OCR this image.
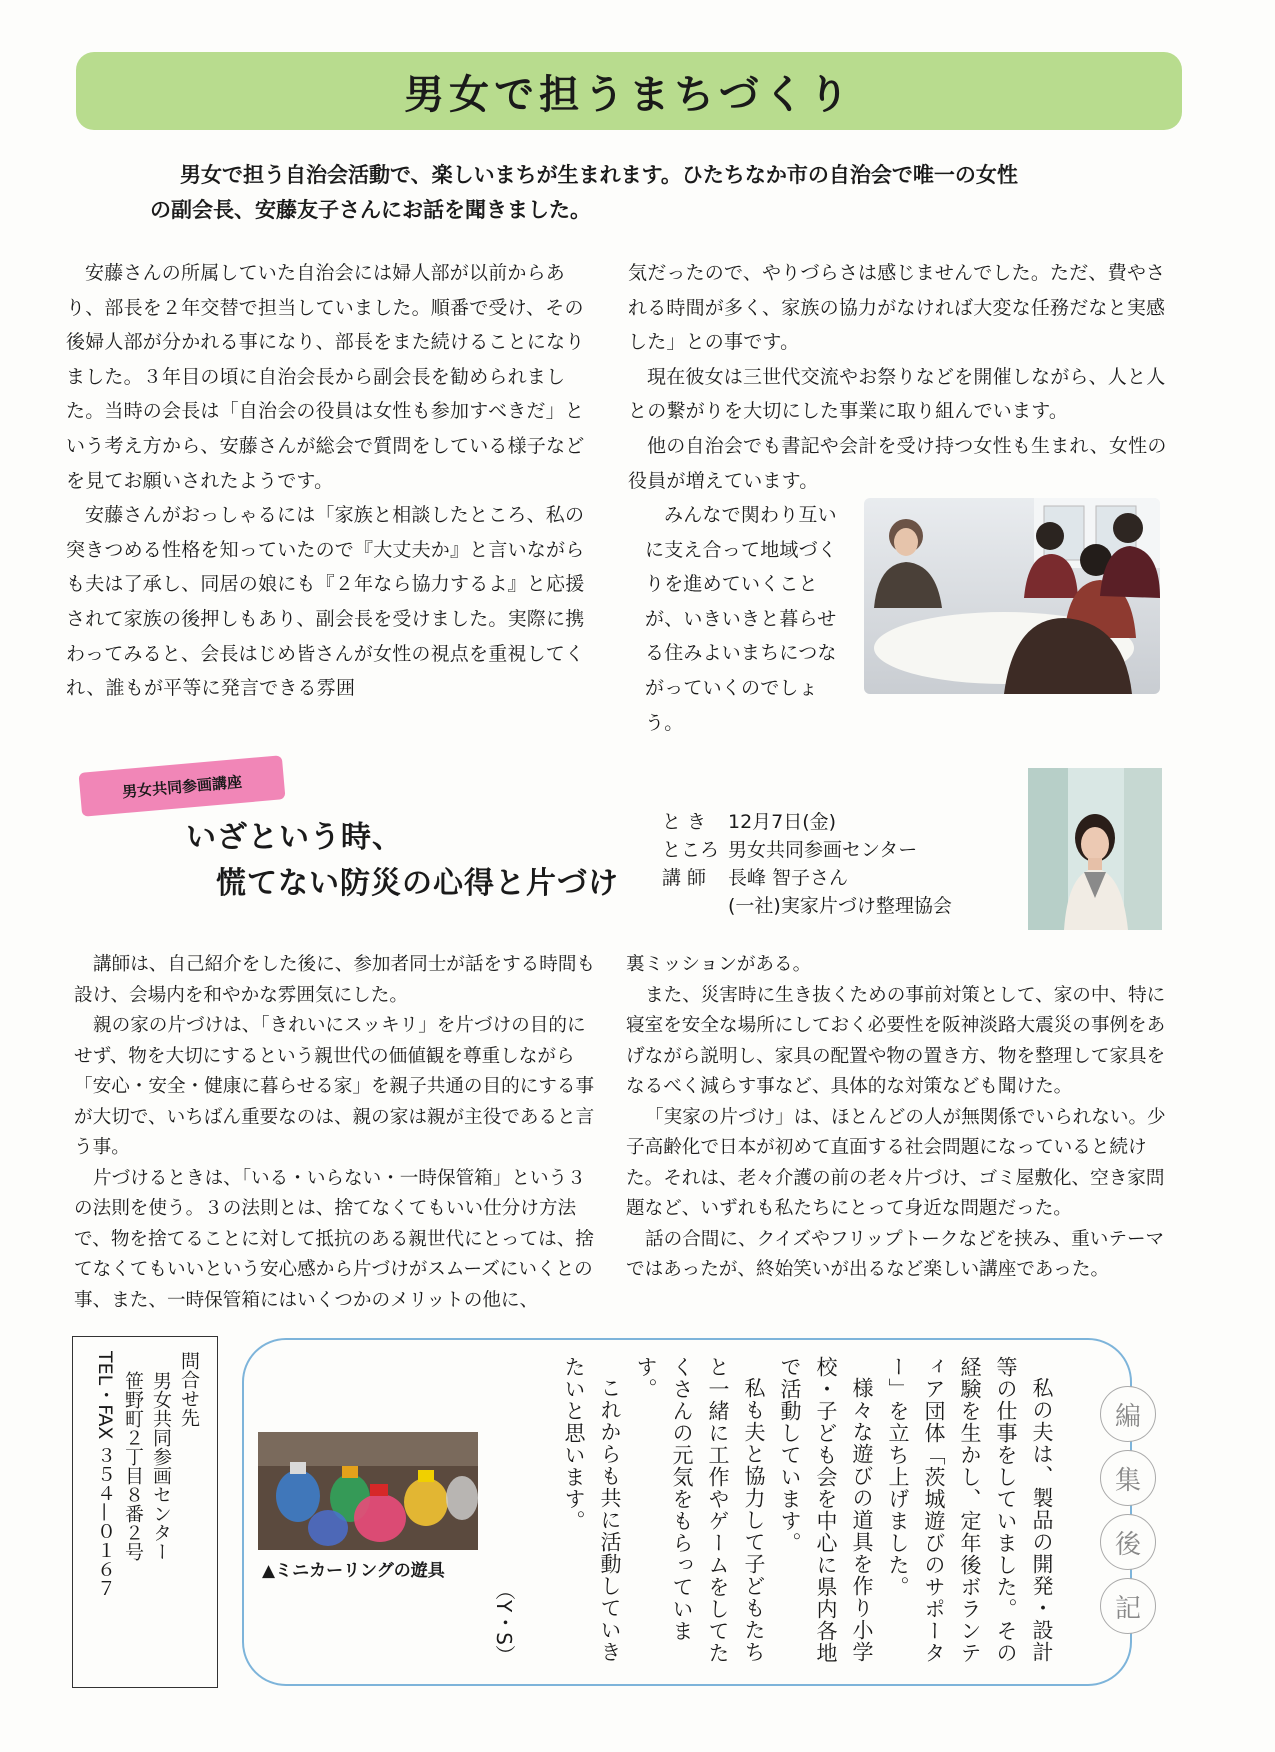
男女で担うまちづくり

男女で担う自治会活動で、楽しいまちが生まれます。ひたちなか市の自治会で唯一の女性

の副会長、安藤友子さんにお話を聞きました。

安藤さんの所属していた自治会には婦人部が以前からあり、部長を２年交替で担当していました。順番で受け、その後婦人部が分かれる事になり、部長をまた続けることになりました。３年目の頃に自治会長から副会長を勧められました。当時の会長は「自治会の役員は女性も参加すべきだ」という考え方から、安藤さんが総会で質問をしている様子などを見てお願いされたようです。

安藤さんがおっしゃるには「家族と相談したところ、私の突きつめる性格を知っていたので『大丈夫か』と言いながらも夫は了承し、同居の娘にも『２年なら協力するよ』と応援されて家族の後押しもあり、副会長を受けました。実際に携わってみると、会長はじめ皆さんが女性の視点を重視してくれ、誰もが平等に発言できる雰囲

気だったので、やりづらさは感じませんでした。ただ、費やされる時間が多く、家族の協力がなければ大変な任務だなと実感した」との事です。

現在彼女は三世代交流やお祭りなどを開催しながら、人と人との繋がりを大切にした事業に取り組んでいます。

他の自治会でも書記や会計を受け持つ女性も生まれ、女性の役員が増えています。

みんなで関わり互いに支え合って地域づくりを進めていくことが、いきいきと暮らせる住みよいまちにつながっていくのでしょう。

男女共同参画講座
いざという時、
慌てない防災の心得と片づけ
とき	12月7日(金)
ところ	男女共同参画センター
講師	長峰 智子さん
	(一社)実家片づけ整理協会

講師は、自己紹介をした後に、参加者同士が話をする時間も設け、会場内を和やかな雰囲気にした。

親の家の片づけは、「きれいにスッキリ」を片づけの目的にせず、物を大切にするという親世代の価値観を尊重しながら「安心・安全・健康に暮らせる家」を親子共通の目的にする事が大切で、いちばん重要なのは、親の家は親が主役であると言う事。

片づけるときは、「いる・いらない・一時保管箱」という３の法則を使う。３の法則とは、捨てなくてもいい仕分け方法で、物を捨てることに対して抵抗のある親世代にとっては、捨てなくてもいいという安心感から片づけがスムーズにいくとの事、また、一時保管箱にはいくつかのメリットの他に、

裏ミッションがある。

また、災害時に生き抜くための事前対策として、家の中、特に寝室を安全な場所にしておく必要性を阪神淡路大震災の事例をあげながら説明し、家具の配置や物の置き方、物を整理して家具をなるべく減らす事など、具体的な対策なども聞けた。

「実家の片づけ」は、ほとんどの人が無関係でいられない。少子高齢化で日本が初めて直面する社会問題になっていると続けた。それは、老々介護の前の老々片づけ、ゴミ屋敷化、空き家問題など、いずれも私たちにとって身近な問題だった。

話の合間に、クイズやフリップトークなどを挟み、重いテーマではあったが、終始笑いが出るなど楽しい講座であった。

問合せ先
男女共同参画センター
笹野町２丁目８番２号
TEL・FAX ３５４—０１６７	編
集
後
記

私の夫は、製品の開発・設計等の仕事をしていました。その経験を生かし、定年後ボランティア団体「茨城遊びのサポーター」を立ち上げました。

様々な遊びの道具を作り小学校・子ども会を中心に県内各地で活動しています。

私も夫と協力して子どもたちと一緒に工作やゲームをしてたくさんの元気をもらっています。

これからも共に活動していきたいと思います。

（Y・S）
▲ミニカーリングの遊具
